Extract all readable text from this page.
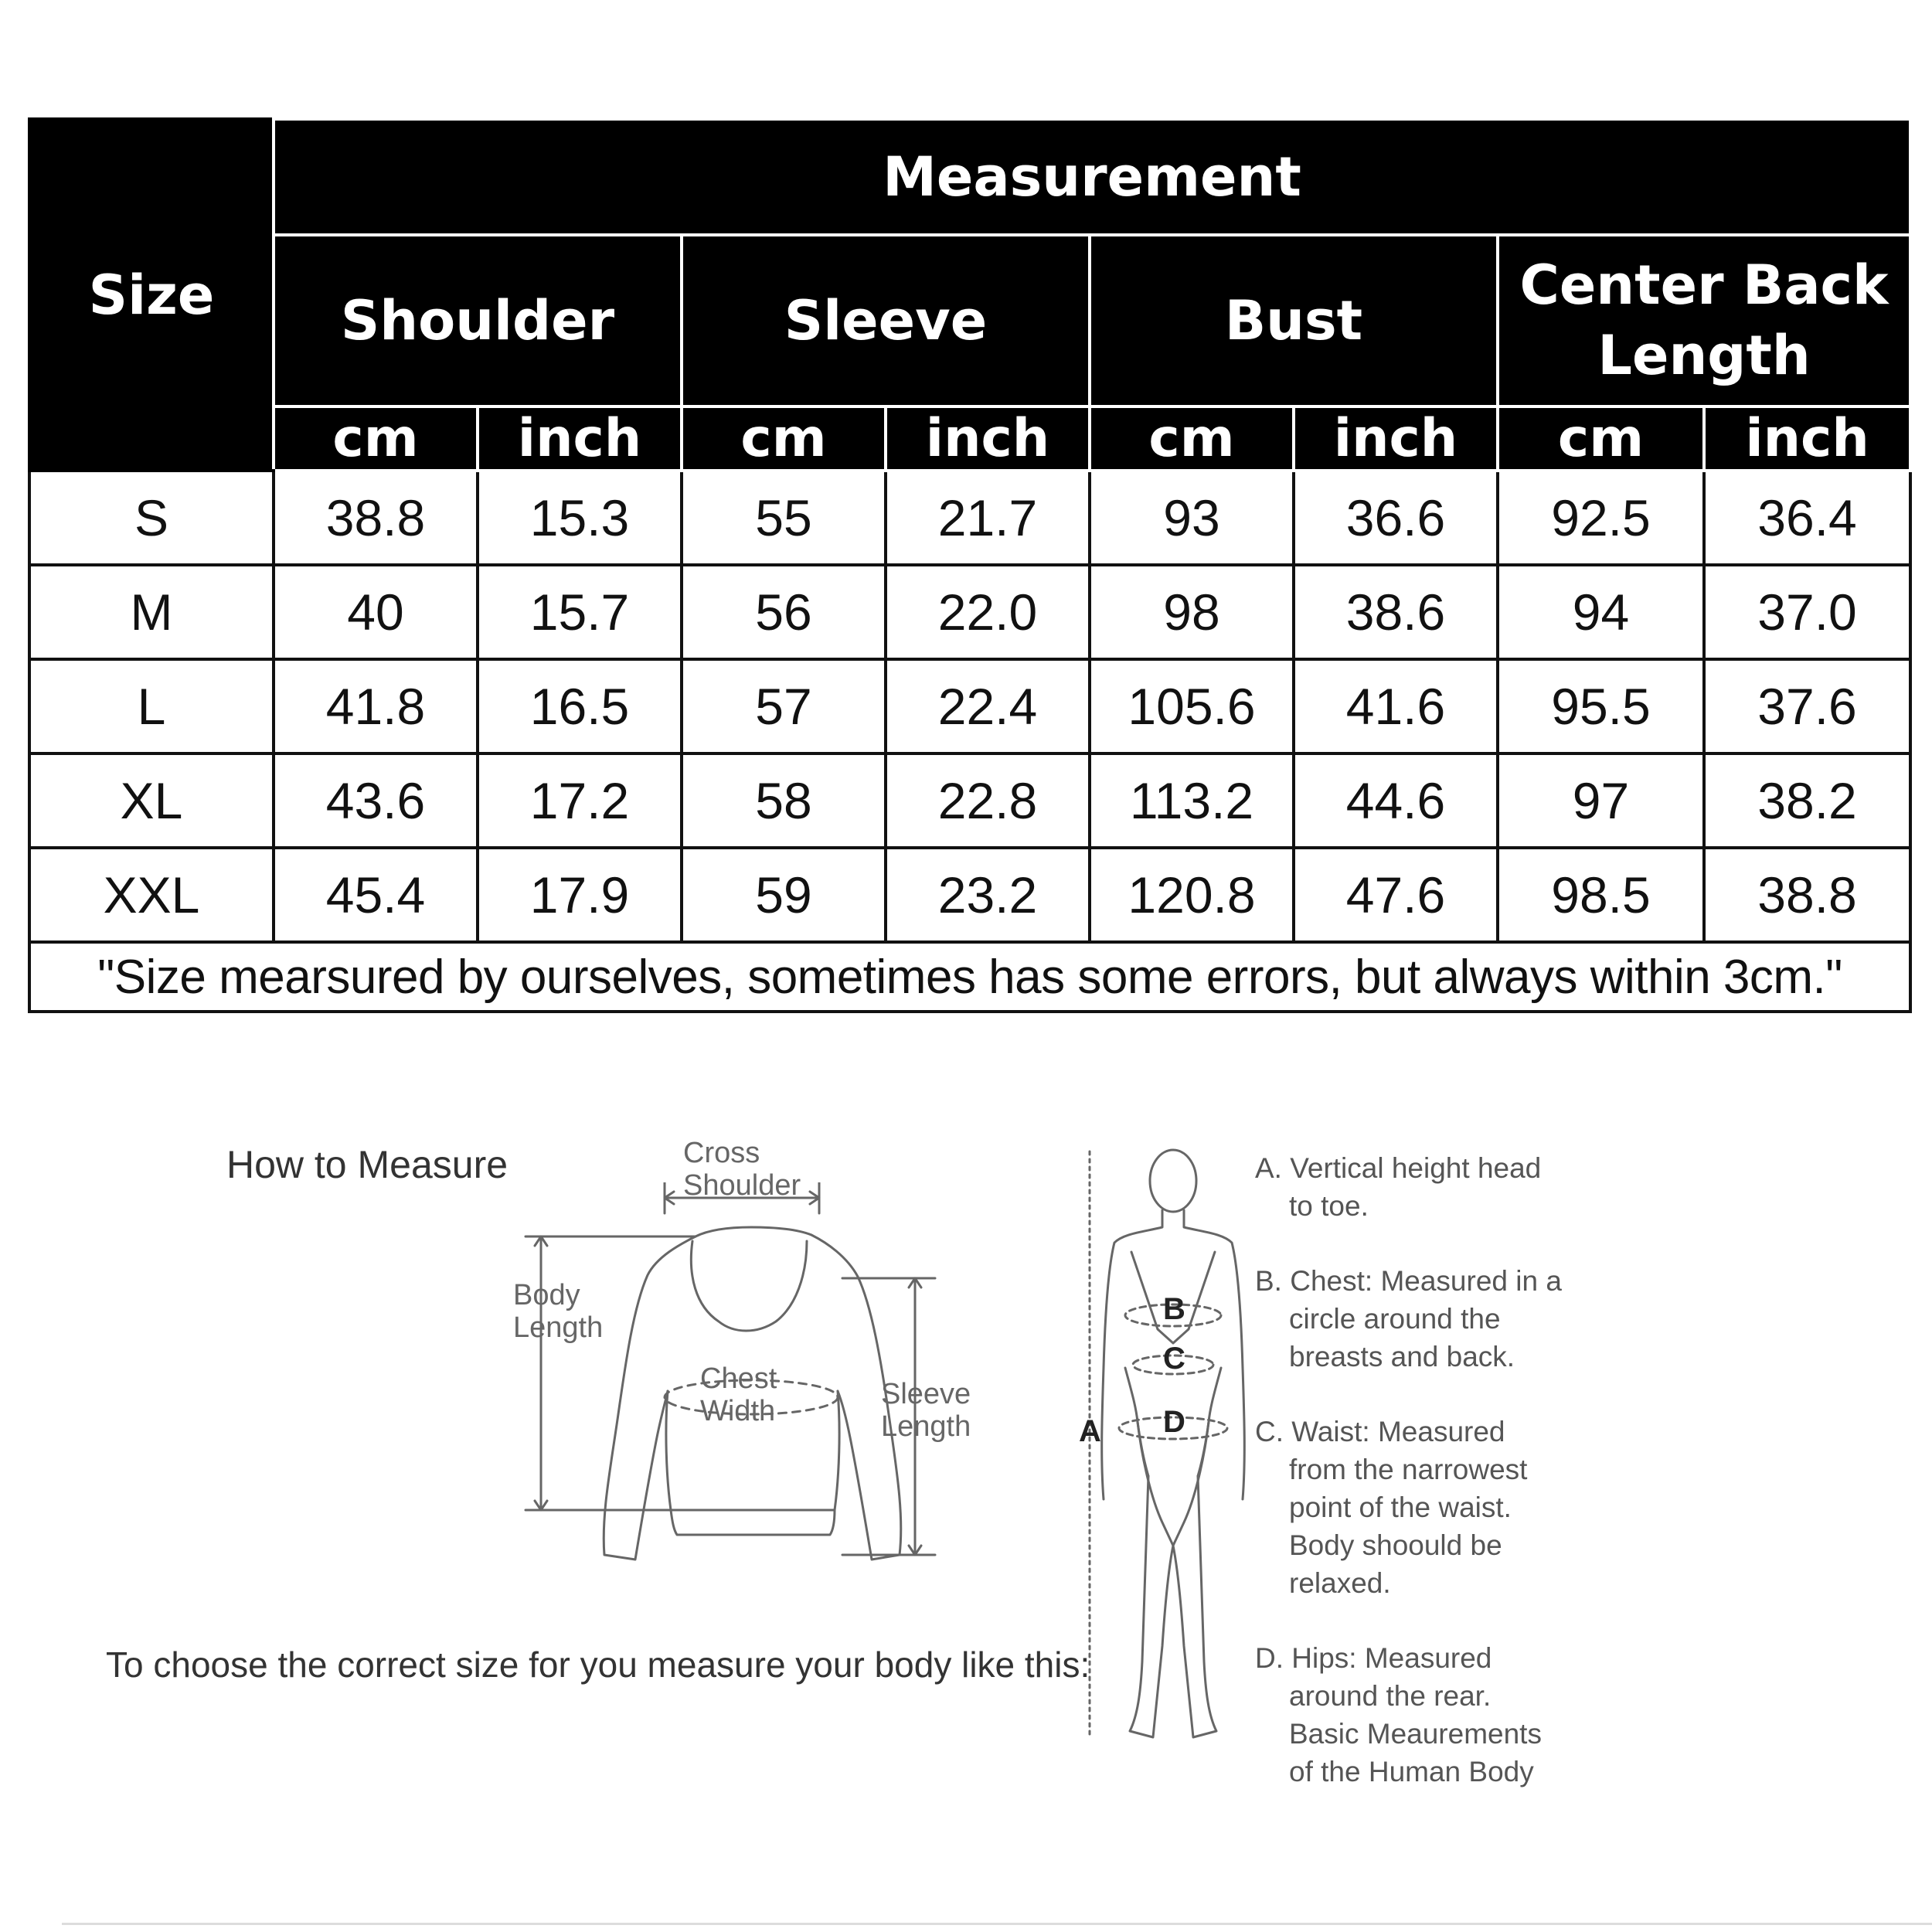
Size	Measurement							
	Shoulder		Sleeve		Bust		Center Back Length	
	cm	inch	cm	inch	cm	inch	cm	inch
S	38.8	15.3	55	21.7	93	36.6	92.5	36.4
M	40	15.7	56	22.0	98	38.6	94	37.0
L	41.8	16.5	57	22.4	105.6	41.6	95.5	37.6
XL	43.6	17.2	58	22.8	113.2	44.6	97	38.2
XXL	45.4	17.9	59	23.2	120.8	47.6	98.5	38.8
"Size mearsured by ourselves, sometimes has some errors, but always within 3cm."								
How to Measure
To choose the correct size for you measure your body like this:
Cross
Shoulder
Body
Length
Chest
Width
Sleeve
Length	A
B
C
D
A. Vertical height head
to toe.
B. Chest: Measured in a
circle around the
breasts and back.
C. Waist: Measured
from the narrowest
point of the waist.
Body shoould be
relaxed.
D. Hips: Measured
around the rear.
Basic Meaurements
of the Human Body
